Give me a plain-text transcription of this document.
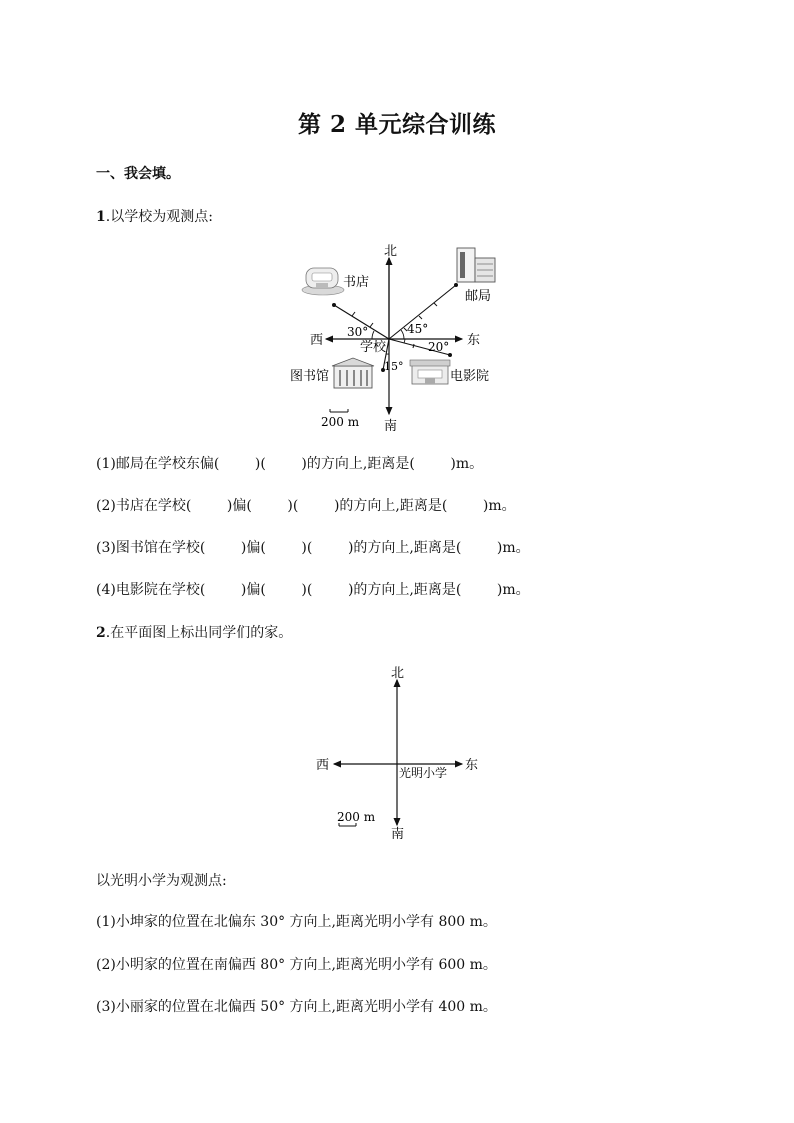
第 2 单元综合训练
一、我会填。
1.以学校为观测点:
北
南
西	东
学校
书店
邮局
图书馆	电影院
30°	45°
20°
15°
200 m
(1)邮局在学校东偏(        )(        )的方向上,距离是(        )m。
(2)书店在学校(        )偏(        )(        )的方向上,距离是(        )m。
(3)图书馆在学校(        )偏(        )(        )的方向上,距离是(        )m。
(4)电影院在学校(        )偏(        )(        )的方向上,距离是(        )m。
2.在平面图上标出同学们的家。
北
南
西	东
光明小学
200 m
以光明小学为观测点:
(1)小坤家的位置在北偏东 30° 方向上,距离光明小学有 800 m。
(2)小明家的位置在南偏西 80° 方向上,距离光明小学有 600 m。
(3)小丽家的位置在北偏西 50° 方向上,距离光明小学有 400 m。
